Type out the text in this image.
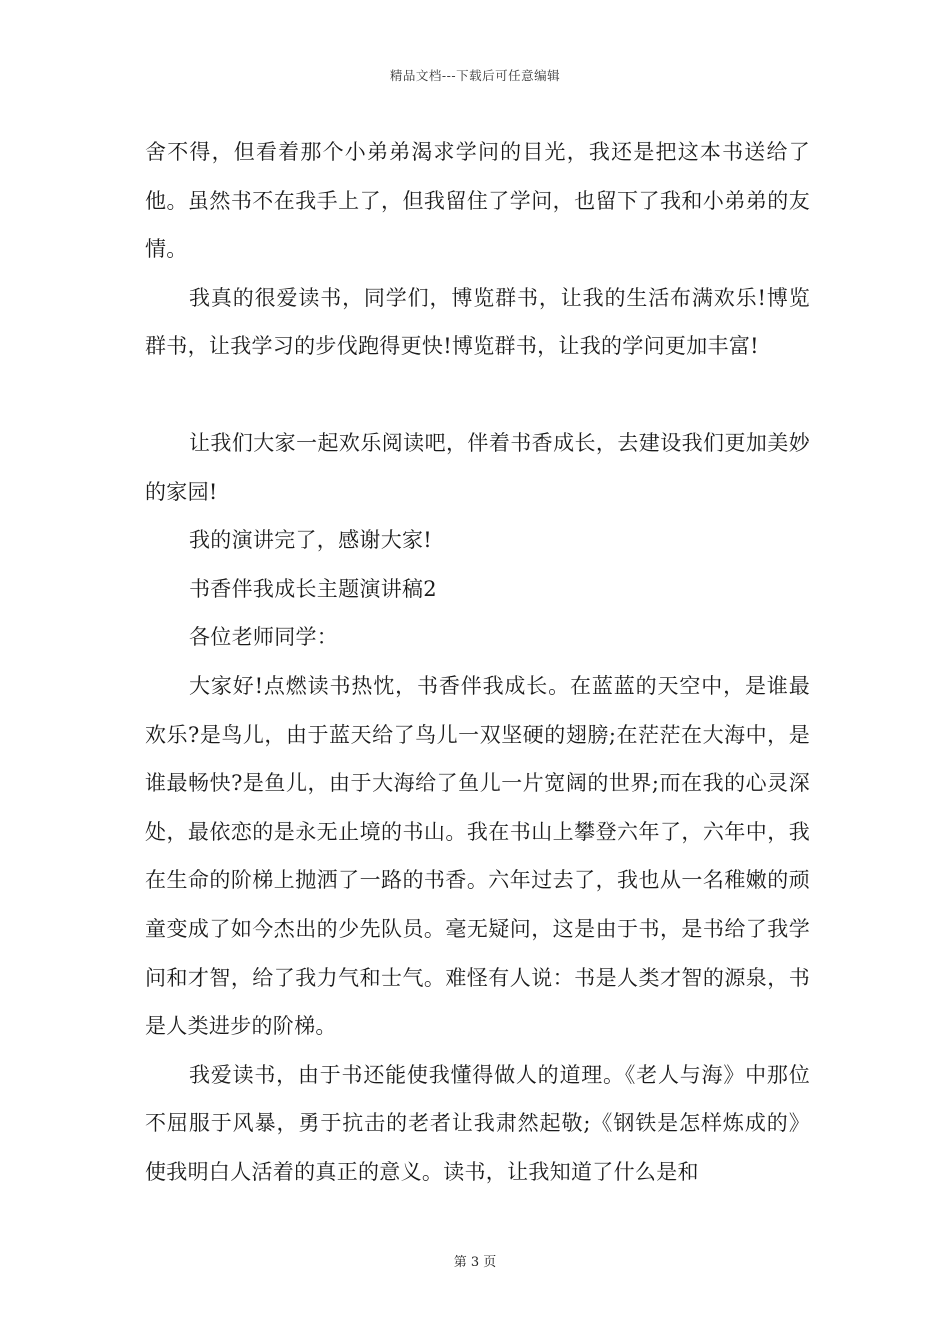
精品文档---下载后可任意编辑

舍不得，但看着那个小弟弟渴求学问的目光，我还是把这本书送给了他。虽然书不在我手上了，但我留住了学问，也留下了我和小弟弟的友情。

我真的很爱读书，同学们，博览群书，让我的生活布满欢乐!博览群书，让我学习的步伐跑得更快!博览群书，让我的学问更加丰富!

让我们大家一起欢乐阅读吧，伴着书香成长，去建设我们更加美妙的家园!

我的演讲完了，感谢大家!

书香伴我成长主题演讲稿2

各位老师同学：

大家好!点燃读书热忱，书香伴我成长。在蓝蓝的天空中，是谁最欢乐?是鸟儿，由于蓝天给了鸟儿一双坚硬的翅膀;在茫茫在大海中，是谁最畅快?是鱼儿，由于大海给了鱼儿一片宽阔的世界;而在我的心灵深处，最依恋的是永无止境的书山。我在书山上攀登六年了，六年中，我在生命的阶梯上抛洒了一路的书香。六年过去了，我也从一名稚嫩的顽童变成了如今杰出的少先队员。毫无疑问，这是由于书，是书给了我学问和才智，给了我力气和士气。难怪有人说：书是人类才智的源泉，书是人类进步的阶梯。

我爱读书，由于书还能使我懂得做人的道理。《老人与海》中那位不屈服于风暴，勇于抗击的老者让我肃然起敬;《钢铁是怎样炼成的》使我明白人活着的真正的意义。读书，让我知道了什么是和

第 3 页
